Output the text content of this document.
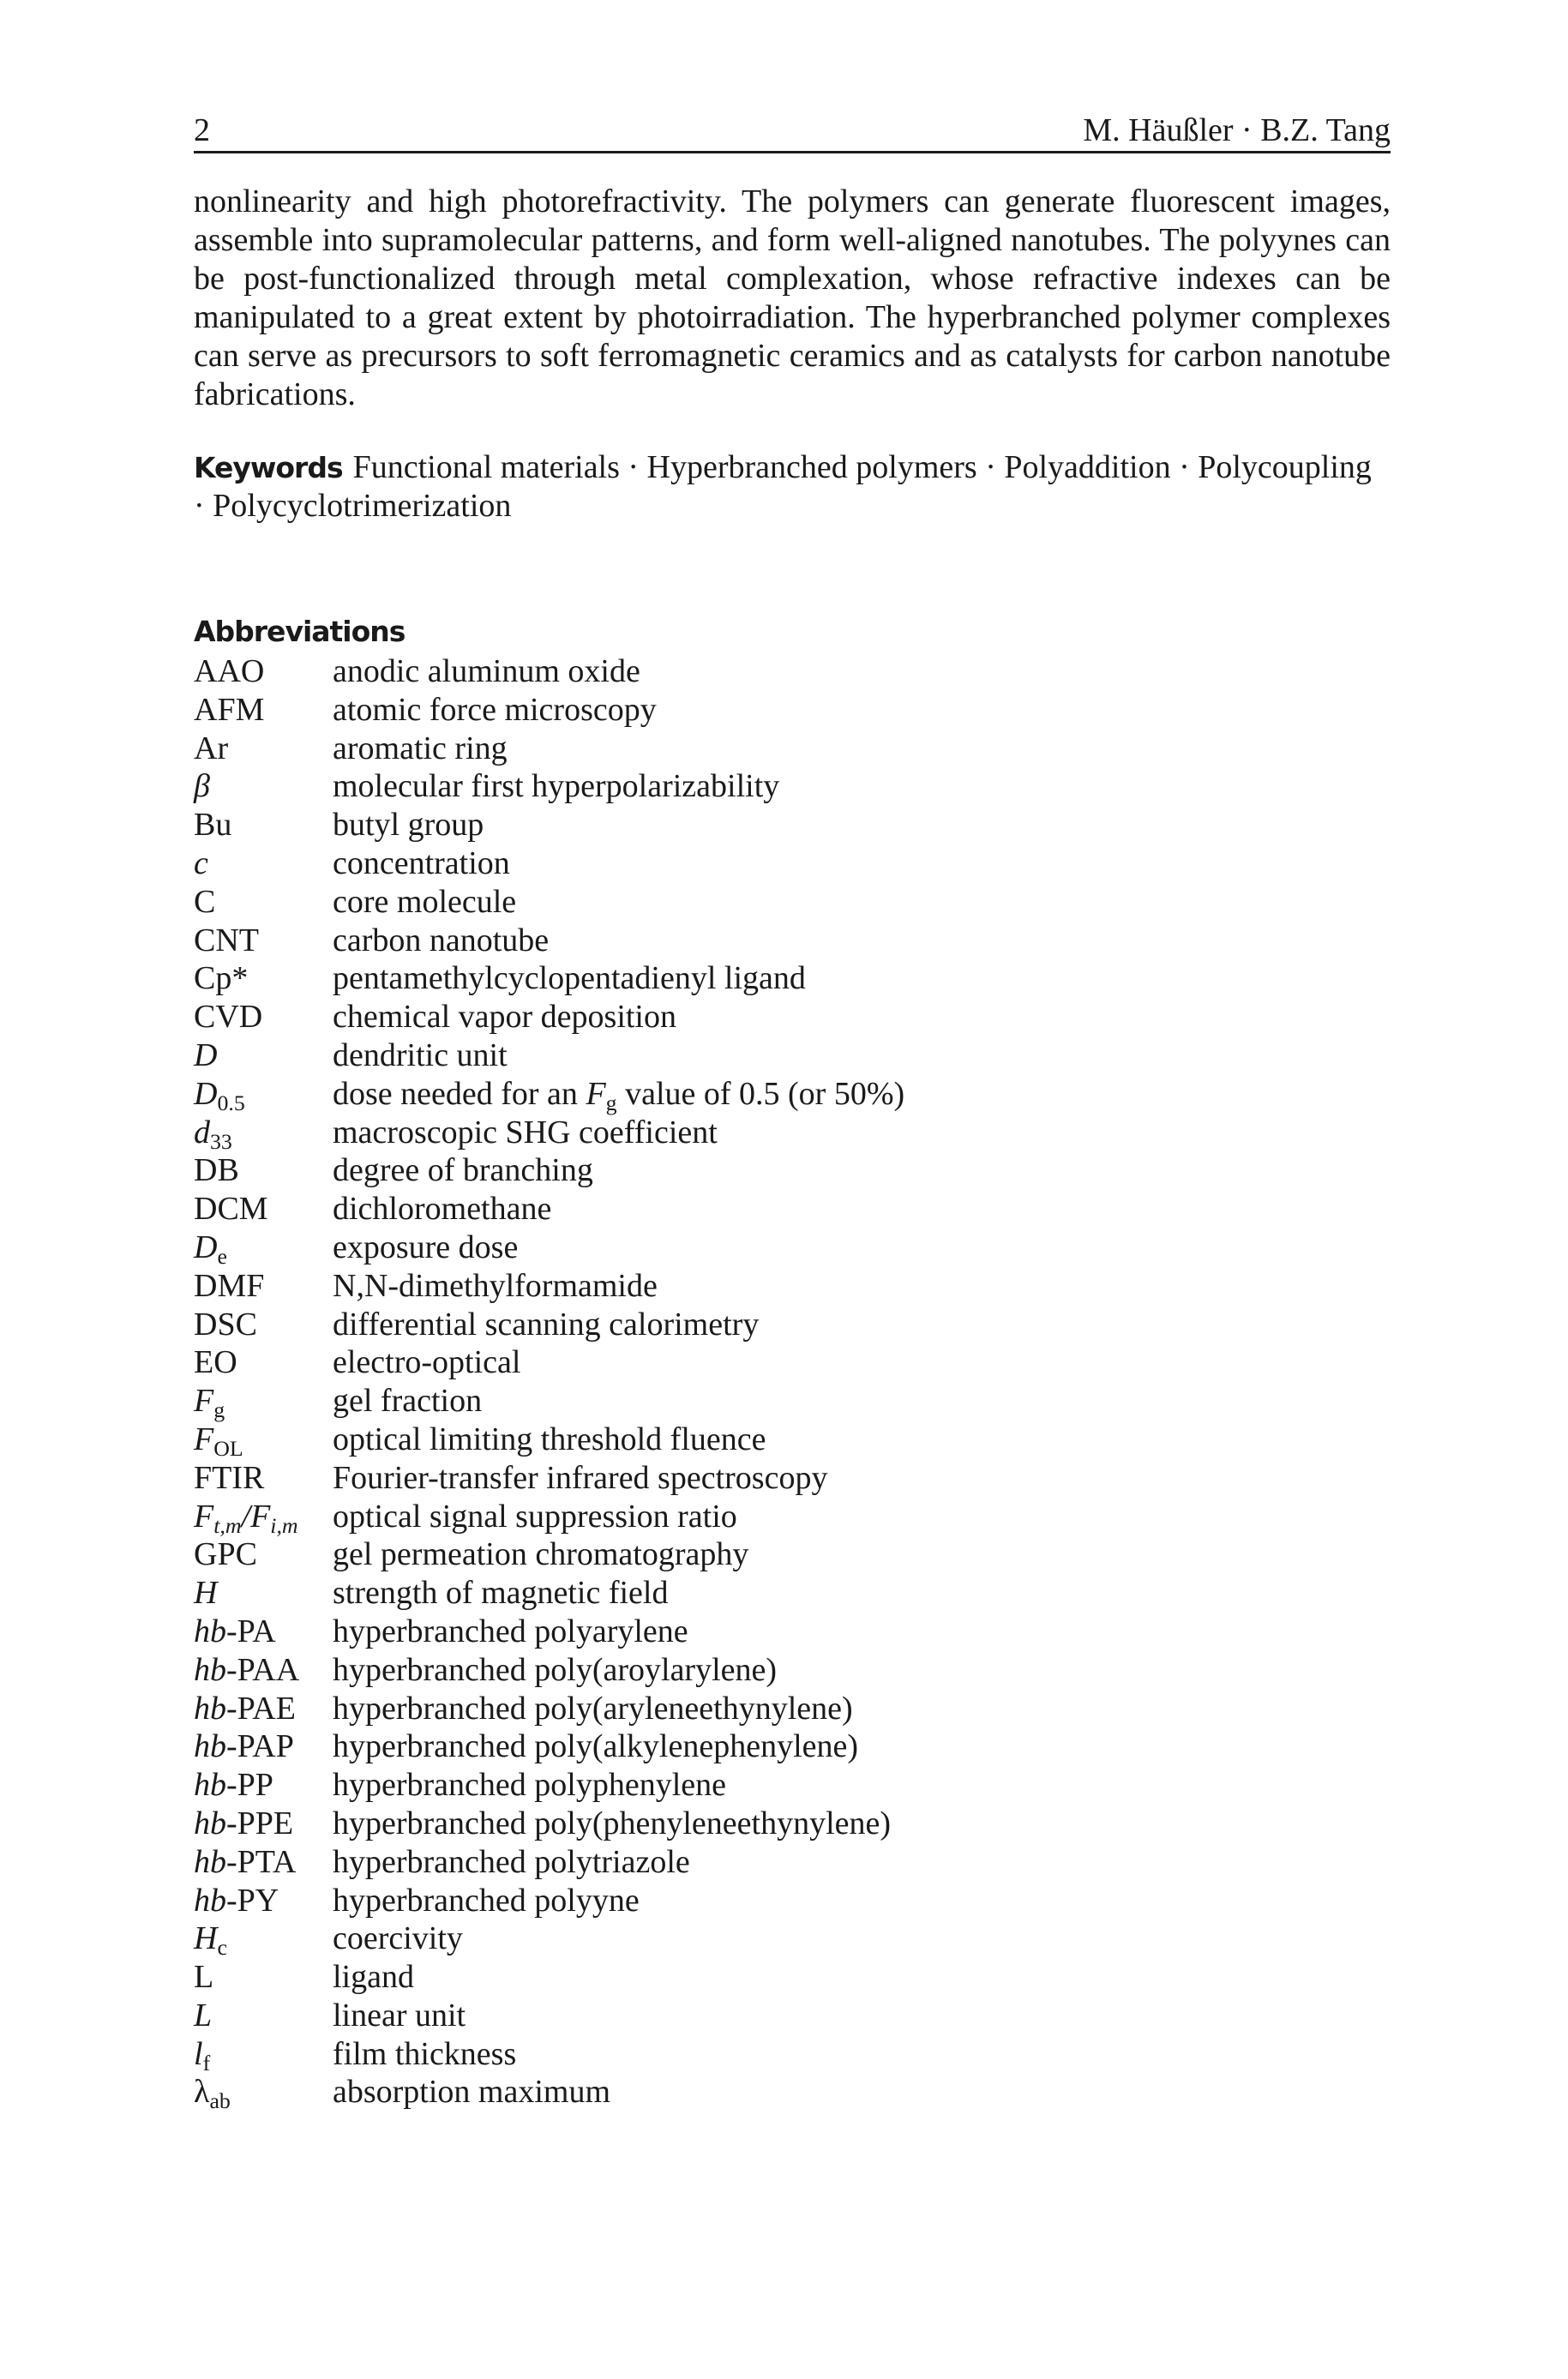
2	M. Häußler · B.Z. Tang

nonlinearity and high photorefractivity. The polymers can generate fluorescent images, assemble into supramolecular patterns, and form well-aligned nanotubes. The polyynes can be post-functionalized through metal complexation, whose refractive indexes can be manipulated to a great extent by photoirradiation. The hyperbranched polymer complexes can serve as precursors to soft ferromagnetic ceramics and as catalysts for carbon nanotube fabrications.

Keywords Functional materials · Hyperbranched polymers · Polyaddition · Polycoupling · Polycyclotrimerization
Abbreviations
AAO	anodic aluminum oxide
AFM	atomic force microscopy
Ar	aromatic ring
β	molecular first hyperpolarizability
Bu	butyl group
c	concentration
C	core molecule
CNT	carbon nanotube
Cp*	pentamethylcyclopentadienyl ligand
CVD	chemical vapor deposition
D	dendritic unit
$D_{0.5}$	dose needed for an $F_g$ value of 0.5 (or 50%)
$d_{33}$	macroscopic SHG coefficient
DB	degree of branching
DCM	dichloromethane
$D_e$	exposure dose
DMF	N,N-dimethylformamide
DSC	differential scanning calorimetry
EO	electro-optical
$F_g$	gel fraction
$F_{OL}$	optical limiting threshold fluence
FTIR	Fourier-transfer infrared spectroscopy
$F_{t,m}/F_{i,m}$	optical signal suppression ratio
GPC	gel permeation chromatography
H	strength of magnetic field
hb-PA	hyperbranched polyarylene
hb-PAA	hyperbranched poly(aroylarylene)
hb-PAE	hyperbranched poly(aryleneethynylene)
hb-PAP	hyperbranched poly(alkylenephenylene)
hb-PP	hyperbranched polyphenylene
hb-PPE	hyperbranched poly(phenyleneethynylene)
hb-PTA	hyperbranched polytriazole
hb-PY	hyperbranched polyyne
$H_c$	coercivity
L	ligand
L	linear unit
$l_f$	film thickness
$\lambda_{ab}$	absorption maximum
